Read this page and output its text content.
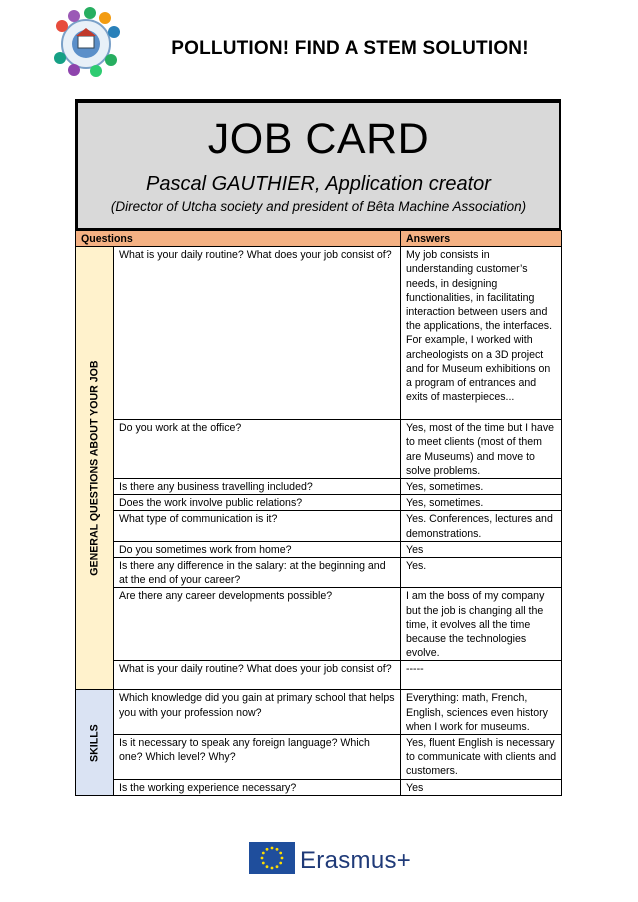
POLLUTION! FIND A STEM SOLUTION!
JOB CARD
Pascal GAUTHIER, Application creator
(Director of Utcha society and president of Bêta Machine Association)
Questions		Answers

GENERAL QUESTIONS ABOUT YOUR JOB	What is your daily routine? What does your job consist of?	My job consists in understanding customer’s needs, in designing functionalities, in facilitating interaction between users and the applications, the interfaces. For example, I worked with archeologists on a 3D project and for Museum exhibitions on a program of entrances and exits of masterpieces...
	Do you work at the office?	Yes, most of the time but I have to meet clients (most of them are Museums) and move to solve problems.
	Is there any business travelling included?	Yes, sometimes.
	Does the work involve public relations?	Yes, sometimes.
	What type of communication is it?	Yes. Conferences, lectures and demonstrations.
	Do you sometimes work from home?	Yes
	Is there any difference in the salary: at the beginning and at the end of your career?	Yes.
	Are there any career developments possible?	I am the boss of my company but the job is changing all the time, it evolves all the time because the technologies evolve.
	What is your daily routine? What does your job consist of?	-----

SKILLS	Which knowledge did you gain at primary school that helps you with your profession now?	Everything: math, French, English, sciences even history when I work for museums.
	Is it necessary to speak any foreign language? Which one? Which level? Why?	Yes, fluent English is necessary to communicate with clients and customers.
	Is the working experience necessary?	Yes
Erasmus+
